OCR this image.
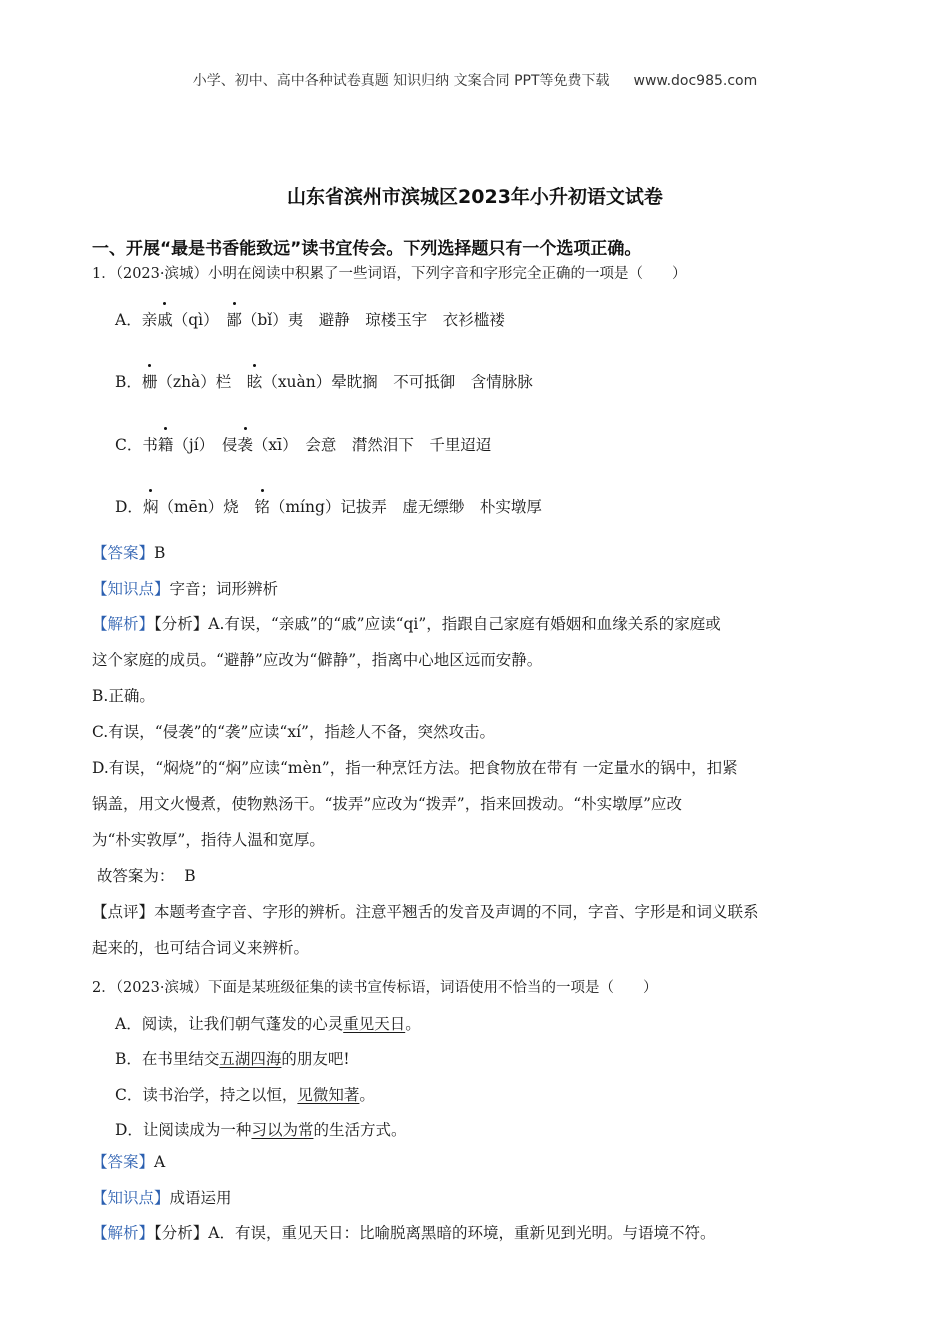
小学、初中、高中各种试卷真题 知识归纳 文案合同 PPT等免费下载 www.doc985.com
山东省滨州市滨城区2023年小升初语文试卷
一、开展“最是书香能致远”读书宜传会。下列选择题只有一个选项正确。
1．（2023·滨城）小明在阅读中积累了一些词语，下列字音和字形完全正确的一项是（　　）
A．亲戚（qì）　鄙（bǐ）夷　避静　琼楼玉宇　衣衫槛褛
B．栅（zhà）栏　眩（xuàn）晕眈搁　不可抵御　含情脉脉
C．书籍（jí）　侵袭（xī）　会意　潸然泪下　千里迢迢
D．焖（mēn）烧　铭（míng）记拔弄　虚无缥缈　朴实墩厚
【答案】B
【知识点】字音；词形辨析
【解析】【分析】A.有误，“亲戚”的“戚”应读“qi”，指跟自己家庭有婚姻和血缘关系的家庭或
这个家庭的成员。“避静”应改为“僻静”，指离中心地区远而安静。
B.正确。
C.有误，“侵袭”的“袭”应读“xí”，指趁人不备，突然攻击。
D.有误，“焖烧”的“焖”应读“mèn”，指一种烹饪方法。把食物放在带有 一定量水的锅中，扣紧
锅盖，用文火慢煮，使物熟汤干。“拔弄”应改为“拨弄”，指来回拨动。“朴实墩厚”应改
为“朴实敦厚”，指待人温和宽厚。
故答案为：  B
【点评】本题考查字音、字形的辨析。注意平翘舌的发音及声调的不同，字音、字形是和词义联系
起来的，也可结合词义来辨析。
2．（2023·滨城）下面是某班级征集的读书宣传标语，词语使用不恰当的一项是（　　）
A．阅读，让我们朝气蓬发的心灵重见天日。
B．在书里结交五湖四海的朋友吧!
C．读书治学，持之以恒，见微知著。
D．让阅读成为一种习以为常的生活方式。
【答案】A
【知识点】成语运用
【解析】【分析】A．有误，重见天日：比喻脱离黑暗的环境，重新见到光明。与语境不符。
